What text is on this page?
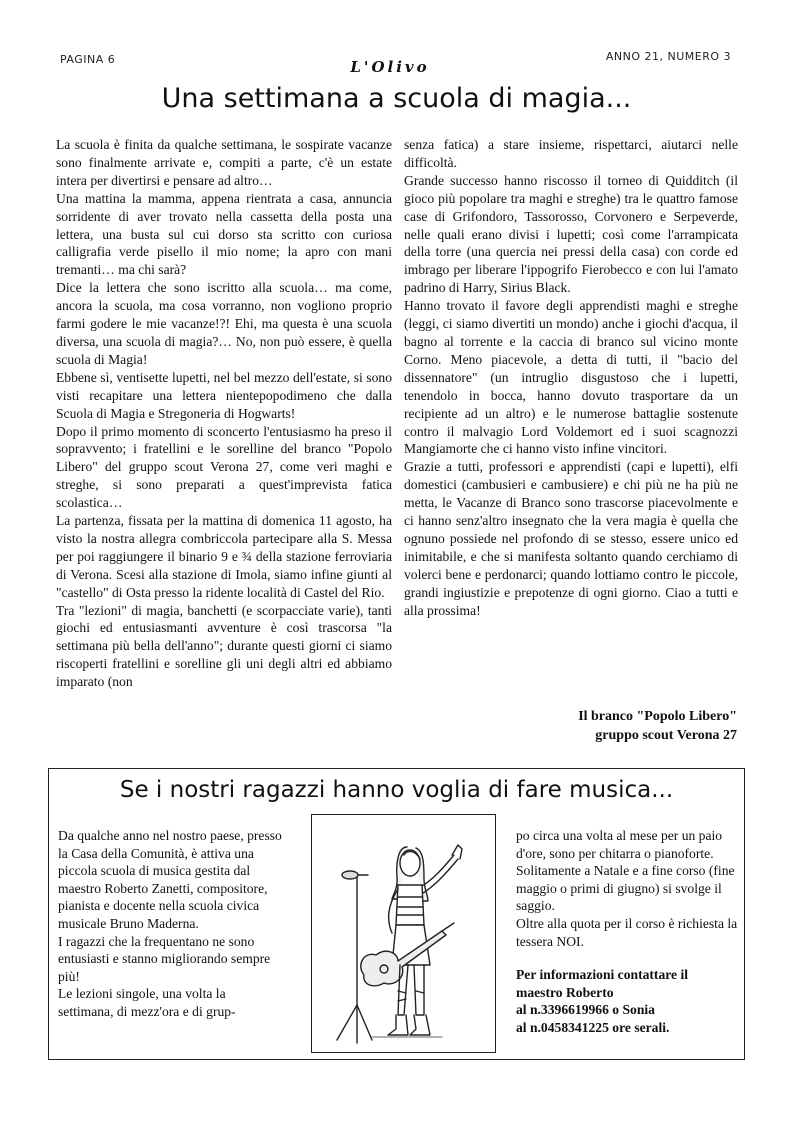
PAGINA 6	L'Olivo
ANNO 21, NUMERO 3
Una settimana a scuola di magia...

La scuola è finita da qualche settimana, le sospirate vacanze sono finalmente arrivate e, compiti a parte, c'è un estate intera per divertirsi e pensare ad altro…

Una mattina la mamma, appena rientrata a casa, annuncia sorridente di aver trovato nella cassetta della posta una lettera, una busta sul cui dorso sta scritto con curiosa calligrafia verde pisello il mio nome; la apro con mani tremanti… ma chi sarà?

Dice la lettera che sono iscritto alla scuola… ma come, ancora la scuola, ma cosa vorranno, non vogliono proprio farmi godere le mie vacanze!?! Ehi, ma questa è una scuola diversa, una scuola di magia?… No, non può essere, è quella scuola di Magia!

Ebbene sì, ventisette lupetti, nel bel mezzo dell'estate, si sono visti recapitare una lettera nientepopodimeno che dalla Scuola di Magia e Stregoneria di Hogwarts!

Dopo il primo momento di sconcerto l'entusiasmo ha preso il sopravvento; i fratellini e le sorelline del branco "Popolo Libero" del gruppo scout Verona 27, come veri maghi e streghe, si sono preparati a quest'imprevista fatica scolastica…

La partenza, fissata per la mattina di domenica 11 agosto, ha visto la nostra allegra combriccola partecipare alla S. Messa per poi raggiungere il binario 9 e ¾ della stazione ferroviaria di Verona. Scesi alla stazione di Imola, siamo infine giunti al "castello" di Osta presso la ridente località di Castel del Rio.

Tra "lezioni" di magia, banchetti (e scorpacciate varie), tanti giochi ed entusiasmanti avventure è così trascorsa "la settimana più bella dell'anno"; durante questi giorni ci siamo riscoperti fratellini e sorelline gli uni degli altri ed abbiamo imparato (non

senza fatica) a stare insieme, rispettarci, aiutarci nelle difficoltà.

Grande successo hanno riscosso il torneo di Quidditch (il gioco più popolare tra maghi e streghe) tra le quattro famose case di Grifondoro, Tassorosso, Corvonero e Serpeverde, nelle quali erano divisi i lupetti; così come l'arrampicata della torre (una quercia nei pressi della casa) con corde ed imbrago per liberare l'ippogrifo Fierobecco e con lui l'amato padrino di Harry, Sirius Black.

Hanno trovato il favore degli apprendisti maghi e streghe (leggi, ci siamo divertiti un mondo) anche i giochi d'acqua, il bagno al torrente e la caccia di branco sul vicino monte Corno. Meno piacevole, a detta di tutti, il "bacio del dissennatore" (un intruglio disgustoso che i lupetti, tenendolo in bocca, hanno dovuto trasportare da un recipiente ad un altro) e le numerose battaglie sostenute contro il malvagio Lord Voldemort ed i suoi scagnozzi Mangiamorte che ci hanno visto infine vincitori.

Grazie a tutti, professori e apprendisti (capi e lupetti), elfi domestici (cambusieri e cambusiere) e chi più ne ha più ne metta, le Vacanze di Branco sono trascorse piacevolmente e ci hanno senz'altro insegnato che la vera magia è quella che ognuno possiede nel profondo di se stesso, essere unico ed inimitabile, e che si manifesta soltanto quando cerchiamo di volerci bene e perdonarci; quando lottiamo contro le piccole, grandi ingiustizie e prepotenze di ogni giorno. Ciao a tutti e alla prossima!

Il branco "Popolo Libero"
gruppo scout Verona 27
Se i nostri ragazzi hanno voglia di fare musica...

Da qualche anno nel nostro paese, presso la Casa della Comunità, è attiva una piccola scuola di musica gestita dal maestro Roberto Zanetti, compositore, pianista e docente nella scuola civica musicale Bruno Maderna.

I ragazzi che la frequentano ne sono entusiasti e stanno migliorando sempre più!

Le lezioni singole, una volta la settimana, di mezz'ora e di grup-

po circa una volta al mese per un paio d'ore, sono per chitarra o pianoforte. Solitamente a Natale e a fine corso (fine maggio o primi di giugno) si svolge il saggio.

Oltre alla quota per il corso è richiesta la tessera NOI.

Per informazioni contattare il
maestro Roberto
al n.3396619966 o Sonia
al n.0458341225 ore serali.
